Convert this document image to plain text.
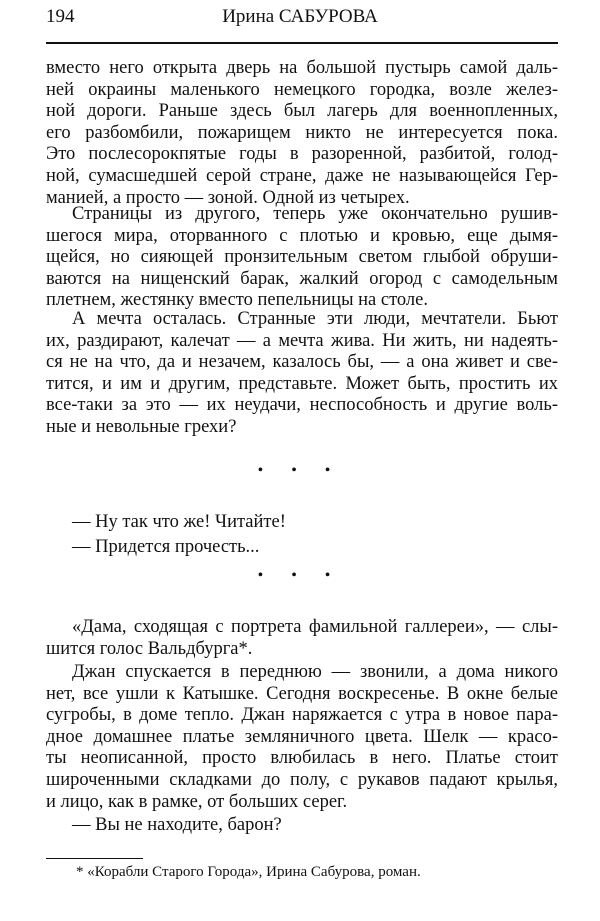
194	Ирина САБУРОВА
вместо него открыта дверь на большой пустырь самой даль-
ней окраины маленького немецкого городка, возле желез-
ной дороги. Раньше здесь был лагерь для военнопленных,
его разбомбили, пожарищем никто не интересуется пока.
Это послесорокпятые годы в разоренной, разбитой, голод-
ной, сумасшедшей серой стране, даже не называющейся Гер-
манией, а просто — зоной. Одной из четырех.
Страницы из другого, теперь уже окончательно рушив-
шегося мира, оторванного с плотью и кровью, еще дымя-
щейся, но сияющей пронзительным светом глыбой обруши-
ваются на нищенский барак, жалкий огород с самодельным
плетнем, жестянку вместо пепельницы на столе.
А мечта осталась. Странные эти люди, мечтатели. Бьют
их, раздирают, калечат — а мечта жива. Ни жить, ни надеять-
ся не на что, да и незачем, казалось бы, — а она живет и све-
тится, и им и другим, представьте. Может быть, простить их
все-таки за это — их неудачи, неспособность и другие воль-
ные и невольные грехи?
— Ну так что же! Читайте!
— Придется прочесть...
«Дама, сходящая с портрета фамильной галлереи», — слы-
шится голос Вальдбурга*.
Джан спускается в переднюю — звонили, а дома никого
нет, все ушли к Катышке. Сегодня воскресенье. В окне белые
сугробы, в доме тепло. Джан наряжается с утра в новое пара-
дное домашнее платье земляничного цвета. Шелк — красо-
ты неописанной, просто влюбилась в него. Платье стоит
широченными складками до полу, с рукавов падают крылья,
и лицо, как в рамке, от больших серег.
— Вы не находите, барон?
• • •
• • •
* «Корабли Старого Города», Ирина Сабурова, роман.
